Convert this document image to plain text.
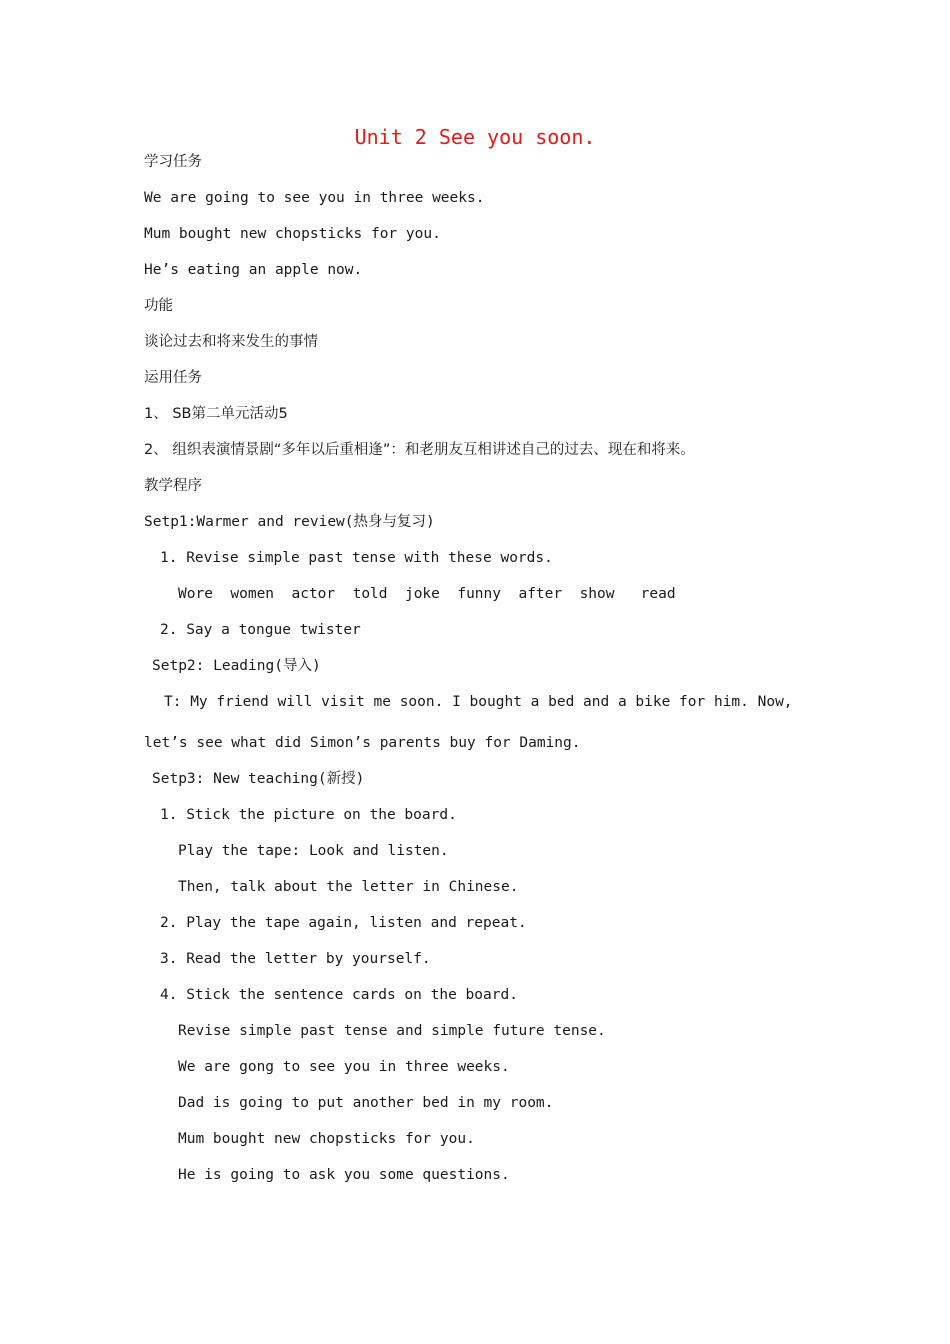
Unit 2 See you soon.
学习任务
We are going to see you in three weeks.
Mum bought new chopsticks for you.
He’s eating an apple now.
功能
谈论过去和将来发生的事情
运用任务
1、 SB第二单元活动5
2、 组织表演情景剧“多年以后重相逢”：和老朋友互相讲述自己的过去、现在和将来。
教学程序
Setp1:Warmer and review(热身与复习)
1. Revise simple past tense with these words.
Wore  women  actor  told  joke  funny  after  show   read
2. Say a tongue twister
Setp2: Leading(导入)
T: My friend will visit me soon. I bought a bed and a bike for him. Now,
let’s see what did Simon’s parents buy for Daming.
Setp3: New teaching(新授)
1. Stick the picture on the board.
Play the tape: Look and listen.
Then, talk about the letter in Chinese.
2. Play the tape again, listen and repeat.
3. Read the letter by yourself.
4. Stick the sentence cards on the board.
Revise simple past tense and simple future tense.
We are gong to see you in three weeks.
Dad is going to put another bed in my room.
Mum bought new chopsticks for you.
He is going to ask you some questions.
